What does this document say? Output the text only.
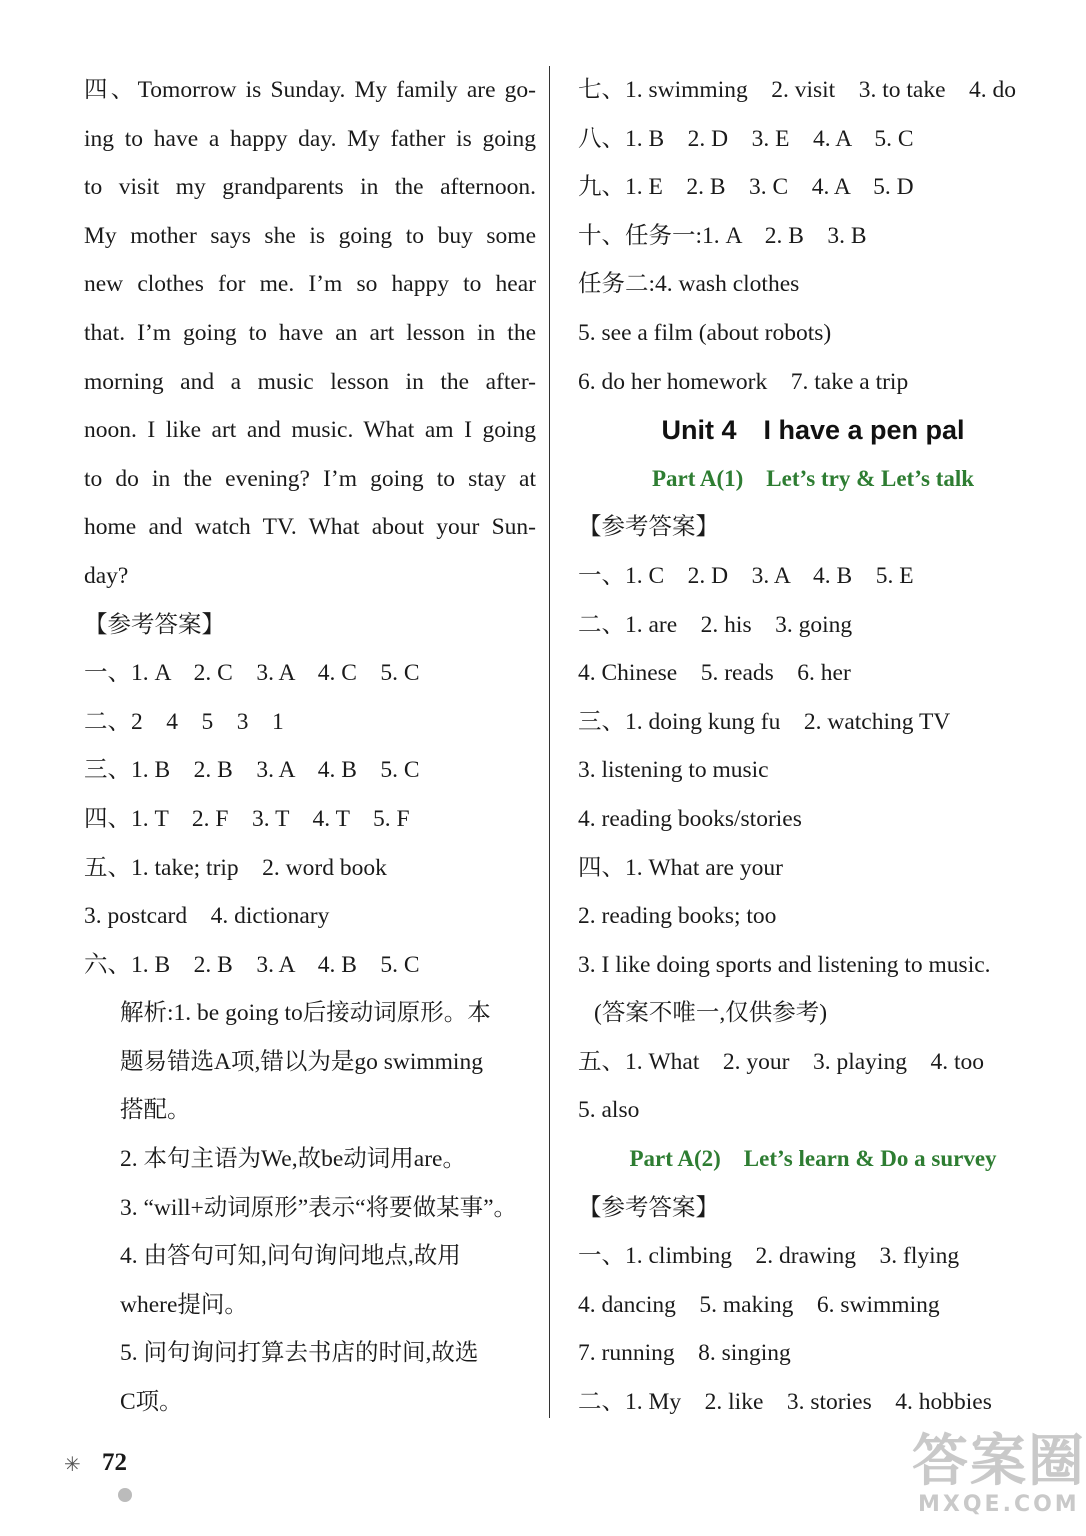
四、Tomorrow is Sunday. My family are go-
ing to have a happy day. My father is going
to visit my grandparents in the afternoon.
My mother says she is going to buy some
new clothes for me. I’m so happy to hear
that. I’m going to have an art lesson in the
morning and a music lesson in the after-
noon. I like art and music. What am I going
to do in the evening? I’m going to stay at
home and watch TV. What about your Sun-
day?
【参考答案】
一、1. A　2. C　3. A　4. C　5. C
二、2　4　5　3　1
三、1. B　2. B　3. A　4. B　5. C
四、1. T　2. F　3. T　4. T　5. F
五、1. take; trip　2. word book
3. postcard　4. dictionary
六、1. B　2. B　3. A　4. B　5. C
解析:1. be going to后接动词原形。本
题易错选A项,错以为是go swimming
搭配。
2. 本句主语为We,故be动词用are。
3. “will+动词原形”表示“将要做某事”。
4. 由答句可知,问句询问地点,故用
where提问。
5. 问句询问打算去书店的时间,故选
C项。
七、1. swimming　2. visit　3. to take　4. do
八、1. B　2. D　3. E　4. A　5. C
九、1. E　2. B　3. C　4. A　5. D
十、任务一:1. A　2. B　3. B
任务二:4. wash clothes
5. see a film (about robots)
6. do her homework　7. take a trip
Unit 4　I have a pen pal
Part A(1)　Let’s try & Let’s talk
【参考答案】
一、1. C　2. D　3. A　4. B　5. E
二、1. are　2. his　3. going
4. Chinese　5. reads　6. her
三、1. doing kung fu　2. watching TV
3. listening to music
4. reading books/stories
四、1. What are your
2. reading books; too
3. I like doing sports and listening to music.
(答案不唯一,仅供参考)
五、1. What　2. your　3. playing　4. too
5. also
Part A(2)　Let’s learn & Do a survey
【参考答案】
一、1. climbing　2. drawing　3. flying
4. dancing　5. making　6. swimming
7. running　8. singing
二、1. My　2. like　3. stories　4. hobbies
✳ 72	答案圈
MXQE.COM
